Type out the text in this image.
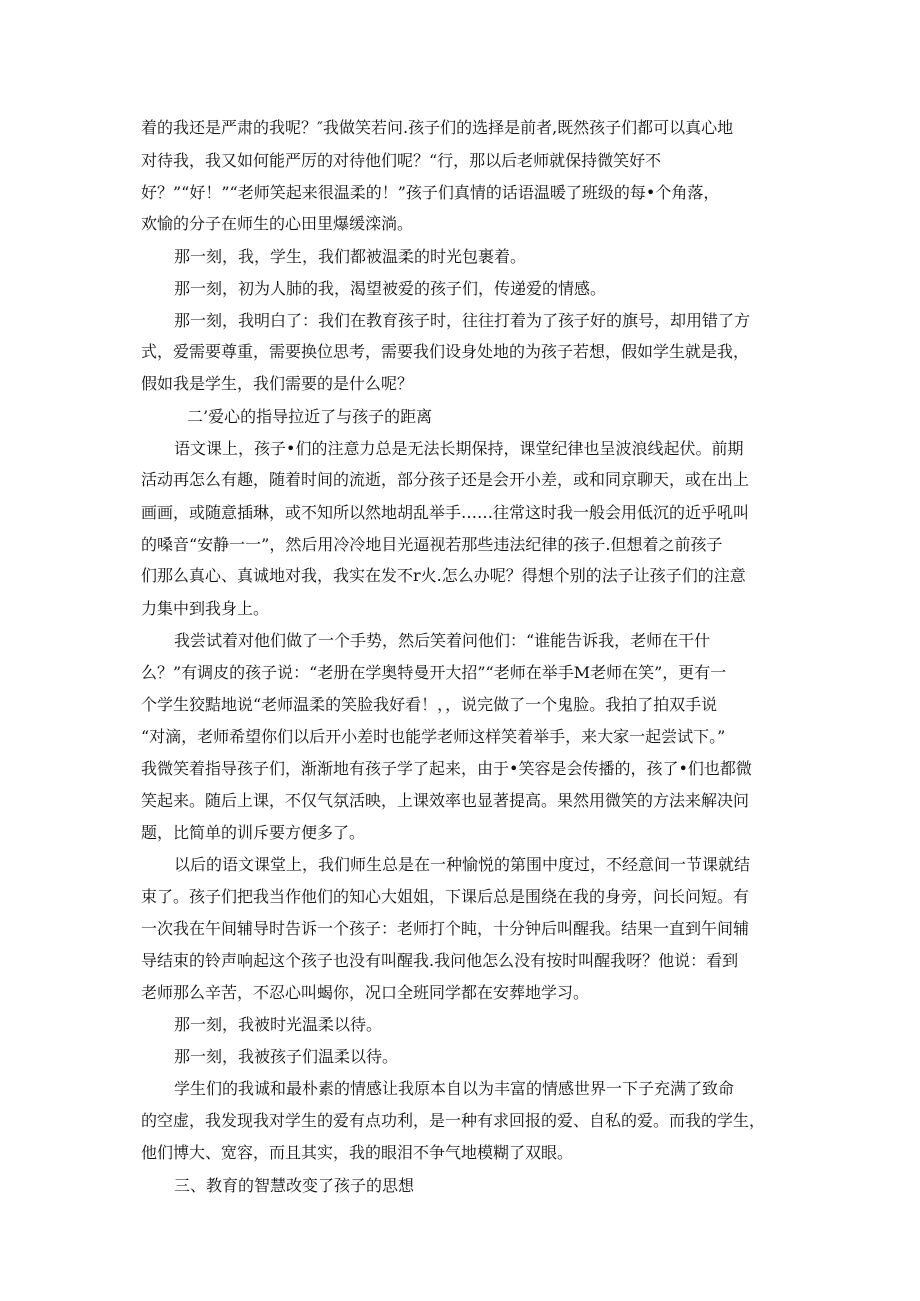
着的我还是严肃的我呢？″我做笑若问.孩子们的选择是前者,既然孩子们都可以真心地
对待我，我又如何能严厉的对待他们呢？“行，那以后老师就保持微笑好不
好？”“好！”“老师笑起来很温柔的！”孩子们真情的话语温暖了班级的每•个角落，
欢愉的分子在师生的心田里爆缓滦淌。
那一刻，我，学生，我们都被温柔的时光包裹着。
那一刻，初为人肺的我，渴望被爱的孩子们，传递爱的情感。
那一刻，我明白了：我们在教育孩子时，往往打着为了孩子好的旗号，却用错了方
式，爱需要尊重，需要换位思考，需要我们设身处地的为孩子若想，假如学生就是我，
假如我是学生，我们需要的是什么呢？
二’爱心的指导拉近了与孩子的距离
语文课上，孩子•们的注意力总是无法长期保持，课堂纪律也呈波浪线起伏。前期
活动再怎么有趣，随着时间的流逝，部分孩子还是会开小差，或和同京聊天，或在出上
画画，或随意插琳，或不知所以然地胡乱举手……往常这时我一般会用低沉的近乎吼叫
的嗓音“安静一一”，然后用冷冷地目光逼视若那些违法纪律的孩子.但想着之前孩子
们那么真心、真诚地对我，我实在发不r火.怎么办呢？得想个别的法子让孩子们的注意
力集中到我身上。
我尝试着对他们做了一个手势，然后笑着问他们：“谁能告诉我，老师在干什
么？”有调皮的孩子说：“老册在学奥特曼开大招”“老师在举手M老师在笑”，更有一
个学生狡黠地说“老师温柔的笑脸我好看！，，说完做了一个鬼脸。我拍了拍双手说
“对滴，老师希望你们以后开小差时也能学老师这样笑着举手，来大家一起尝试下。”
我微笑着指导孩子们，渐渐地有孩子学了起来，由于•笑容是会传播的，孩了•们也都微
笑起来。随后上课，不仅气氛活映，上课效率也显著提高。果然用微笑的方法来解决问
题，比简单的训斥要方便多了。
以后的语文课堂上，我们师生总是在一种愉悦的第围中度过，不经意间一节课就结
束了。孩子们把我当作他们的知心大姐姐，下课后总是围绕在我的身旁，问长问短。有
一次我在午间辅导时告诉一个孩子：老师打个盹，十分钟后叫醒我。结果一直到午间辅
导结束的铃声响起这个孩子也没有叫醒我.我问他怎么没有按时叫醒我呀？他说：看到
老师那么辛苦，不忍心叫蝎你，况口全班同学都在安葬地学习。
那一刻，我被时光温柔以待。
那一刻，我被孩子们温柔以待。
学生们的我诚和最朴素的情感让我原本自以为丰富的情感世界一下子充满了致命
的空虚，我发现我对学生的爱有点功利，是一种有求回报的爱、自私的爱。而我的学生，
他们博大、宽容，而且其实，我的眼泪不争气地模糊了双眼。
三、教育的智慧改变了孩子的思想
